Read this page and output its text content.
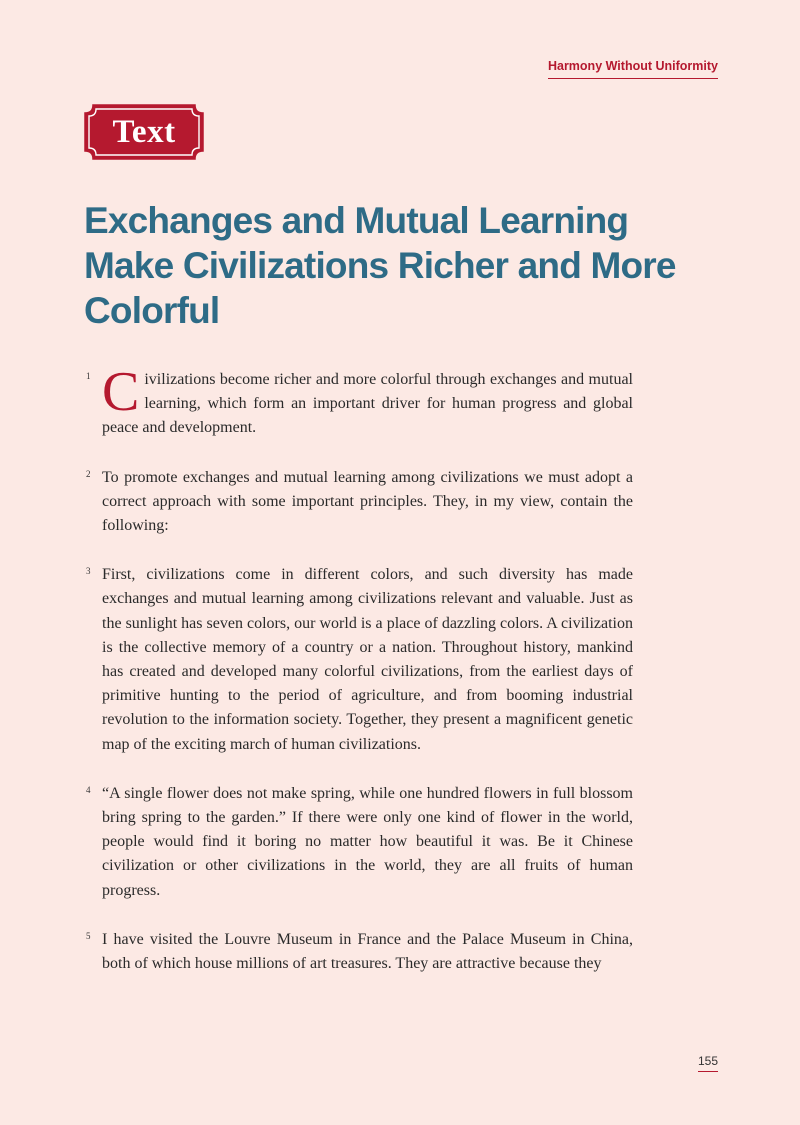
Harmony Without Uniformity
Text
Exchanges and Mutual Learning Make Civilizations Richer and More Colorful

1 C ivilizations become richer and more colorful through exchanges and mutual learning, which form an important driver for human progress and global peace and development.

2 To promote exchanges and mutual learning among civilizations we must adopt a correct approach with some important principles. They, in my view, contain the following:

3 First, civilizations come in different colors, and such diversity has made exchanges and mutual learning among civilizations relevant and valuable. Just as the sunlight has seven colors, our world is a place of dazzling colors. A civilization is the collective memory of a country or a nation. Throughout history, mankind has created and developed many colorful civilizations, from the earliest days of primitive hunting to the period of agriculture, and from booming industrial revolution to the information society. Together, they present a magnificent genetic map of the exciting march of human civilizations.

4 “A single flower does not make spring, while one hundred flowers in full blossom bring spring to the garden.” If there were only one kind of flower in the world, people would find it boring no matter how beautiful it was. Be it Chinese civilization or other civilizations in the world, they are all fruits of human progress.

5 I have visited the Louvre Museum in France and the Palace Museum in China, both of which house millions of art treasures. They are attractive because they

155
